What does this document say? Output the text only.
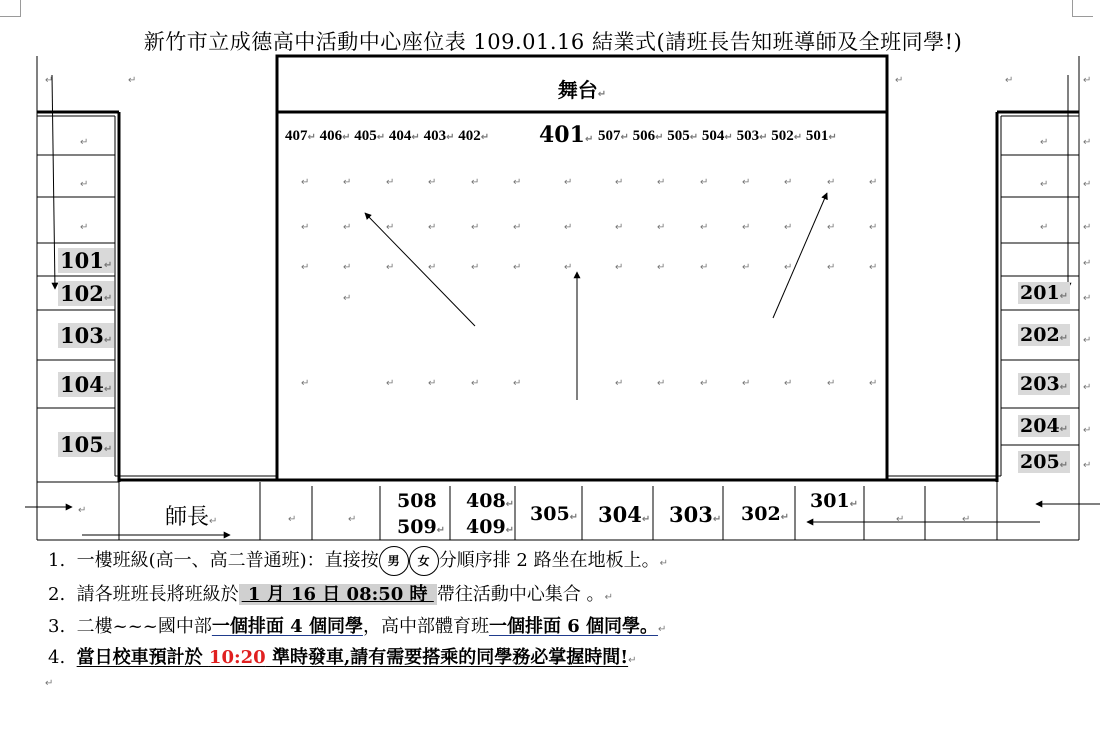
新竹市立成德高中活動中心座位表 109.01.16 結業式(請班長告知班導師及全班同學!)
舞台↵
407↵ 406↵ 405↵ 404↵ 403↵ 402↵ 401↵ 507↵ 506↵ 505↵ 504↵ 503↵ 502↵ 501↵
↵	↵	↵	↵	↵	↵	↵	↵	↵	↵	↵	↵	↵	↵
↵	↵	↵	↵	↵	↵	↵	↵	↵	↵	↵	↵	↵	↵
↵	↵	↵	↵	↵	↵	↵	↵	↵	↵	↵	↵	↵	↵
↵
↵	↵	↵	↵	↵	↵	↵	↵	↵	↵	↵	↵
↵
↵
↵
↵
↵
↵
↵
↵
↵
↵
↵
↵
↵
↵
↵
↵	↵	↵	↵	↵
↵
↵	↵	↵	↵
101↵
102↵
103↵
104↵
105↵
201↵
202↵
203↵
204↵
205↵
師長↵
508
509↵
408↵
409↵
305↵ 304↵ 303↵ 302↵
301↵
1. 一樓班級(高一、高二普通班)：直接按 男 女 分順序排 2 路坐在地板上。↵
2. 請各班班長將班級於 1 月 16 日 08:50 時 帶往活動中心集合 。↵
3. 二樓~~~國中部一個排面 4 個同學，高中部體育班一個排面 6 個同學。↵
4. 當日校車預計於 10:20 準時發車,請有需要搭乘的同學務必掌握時間!↵
↵
